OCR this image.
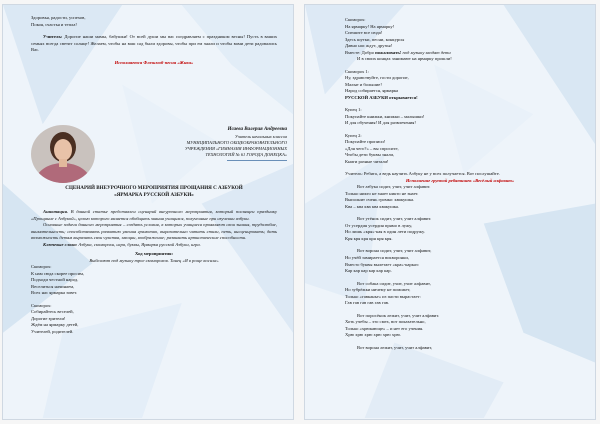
Здоровья, радости, успехов,
Покоя, счастья и тепла!
Учитель: Дорогие наши мамы, бабушки! От всей души мы вас поздравляем с праздником весны! Пусть в ваших семьях всегда светит солнце! Желаем, чтобы на ваш сад были здоровы, чтобы при ем знали и чтобы вами дети радовались Вас.
Исполняется Флешмоб-песня «Живи»
Исаева Валерия Андреевна
Учитель начальных классов
МУНИЦИПАЛЬНОГО ОБЩЕОБРАЗОВАТЕЛЬНОГО
УЧРЕЖДЕНИЯ «ГИМНАЗИЯ ИНФОРМАЦИОННЫХ
ТЕХНОЛОГИЙ № 61 ГОРОДА ДОНЕЦКА»
СЦЕНАРИЙ ВНЕУРОЧНОГО МЕРОПРИЯТИЯ ПРОЩАНИЯ С АЗБУКОЙ
«ЯРМАРКА РУССКОЙ АЗБУКИ»
Аннотация. В данной статье представлен сценарий внеурочного мероприятия, который посвящен празднику «Прощание с Азбукой», целью которого является обобщить знания учащихся, полученные при изучении азбуки.
Основные задачи данного мероприятия – создать условия, в которых учащиеся проявляют свои знания, трудолюбие, внимательность; способствовать развитию умения грамотно, выразительно читать стихи, петь, инсценировать; дать возможность детям выразить свои чувства, эмоции, воображение; развивать артистические способности.
Ключевые слова: Азбука, скоморохи, игра, буквы, Ярмарка русской Азбуки, игра.
Ход мероприятия:
Выбегают под музыку трое скоморохов. Танец «Я в роще косила»
Скоморох:
К нам сюда скорее просим,
Подходи честной народ.
Веселиться начинаем,
Всех нас ярмарка зовет.
Скоморох:
Собирайтесь веселей,
Дорогие зрители!
Ждём на ярмарку детей,
Учителей, родителей.
Скоморох:
На ярмарку! На ярмарку!
Спешите все сюда!
Здесь шутки, песни, конкурсы
Давно нас ждут, друзья!
Вместе: Добро пожаловать! под музыку входят дети
И в своих концах занимают на ярмарку прошли!
Скоморох 1:
Ну, здравствуйте, гости дорогие,
Малые и большие!
Народ собирается, ярмарка
РУССКОЙ АЗБУКИ открывается!
Купец 1:
Покупайте книжки, книжки – малышки!
И для обучения! И для развлечения!
Купец 2:
Покупайте прописи!
«Для чего?» – вы спросите,
Чтобы дети буквы знали,
Книги разные читали!
Учитель: Ребята, а ведь научить Азбуку не у всех получается. Вот послушайте.
Исполнение группой ребятишек «Весёлый алфавит»
Вот азбука сидит, учит, учит алфавит.
Только никто не знает никто не знает.
Выполнит очень громко: квакушка.
Ква – ква ква ква квакушка.
Вот утёнок сидит, учит, учит алфавит.
От усердия усердия прямо в лужу,
Но лишь «кря»-кая в один лети подружу.
Кря кря кря кря кря кря.
Вот ворона сидит, учит, учит алфавит,
Но учёй замирается вокворонки,
Вместо буквы вылетает «кра»-карказ:
Кар кар кар кар кар кар.
Вот собака сидит, учит, учит алфавит,
Но зубрёжки ничему не поможет,
Только «гавканье» из пасти вырастает:
Гав гав гав гав гав гав.
Вот поросёнок лежит, учит, учит алфавит.
Хоть учебы – это смех, вот показательно,
Только «хрюкающе» – и нет его учения.
Хрю хрю хрю хрю хрю хрю.
Вот ворона лежит, учит, учит алфавит,
